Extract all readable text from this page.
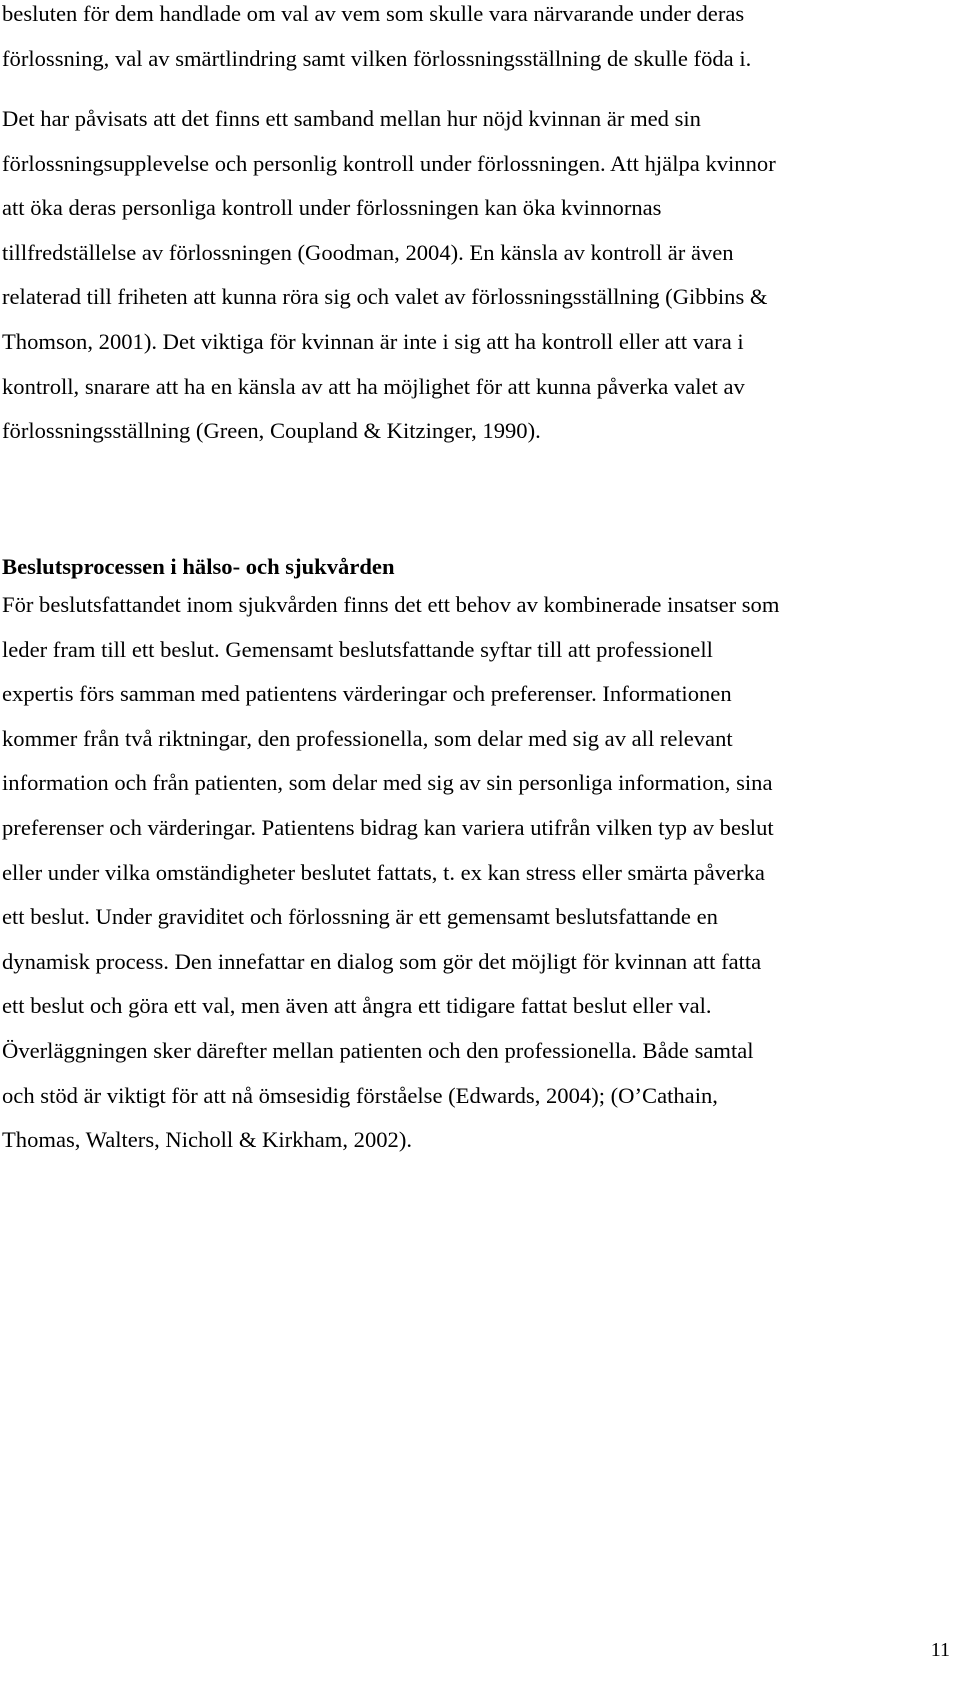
besluten för dem handlade om val av vem som skulle vara närvarande under deras
förlossning, val av smärtlindring samt vilken förlossningsställning de skulle föda i.

Det har påvisats att det finns ett samband mellan hur nöjd kvinnan är med sin
förlossningsupplevelse och personlig kontroll under förlossningen. Att hjälpa kvinnor
att öka deras personliga kontroll under förlossningen kan öka kvinnornas
tillfredställelse av förlossningen (Goodman, 2004). En känsla av kontroll är även
relaterad till friheten att kunna röra sig och valet av förlossningsställning (Gibbins &
Thomson, 2001). Det viktiga för kvinnan är inte i sig att ha kontroll eller att vara i
kontroll, snarare att ha en känsla av att ha möjlighet för att kunna påverka valet av
förlossningsställning (Green, Coupland & Kitzinger, 1990).

Beslutsprocessen i hälso- och sjukvården

För beslutsfattandet inom sjukvården finns det ett behov av kombinerade insatser som
leder fram till ett beslut. Gemensamt beslutsfattande syftar till att professionell
expertis förs samman med patientens värderingar och preferenser. Informationen
kommer från två riktningar, den professionella, som delar med sig av all relevant
information och från patienten, som delar med sig av sin personliga information, sina
preferenser och värderingar. Patientens bidrag kan variera utifrån vilken typ av beslut
eller under vilka omständigheter beslutet fattats, t. ex kan stress eller smärta påverka
ett beslut. Under graviditet och förlossning är ett gemensamt beslutsfattande en
dynamisk process. Den innefattar en dialog som gör det möjligt för kvinnan att fatta
ett beslut och göra ett val, men även att ångra ett tidigare fattat beslut eller val.
Överläggningen sker därefter mellan patienten och den professionella. Både samtal
och stöd är viktigt för att nå ömsesidig förståelse (Edwards, 2004); (O’Cathain,
Thomas, Walters, Nicholl & Kirkham, 2002).

11
